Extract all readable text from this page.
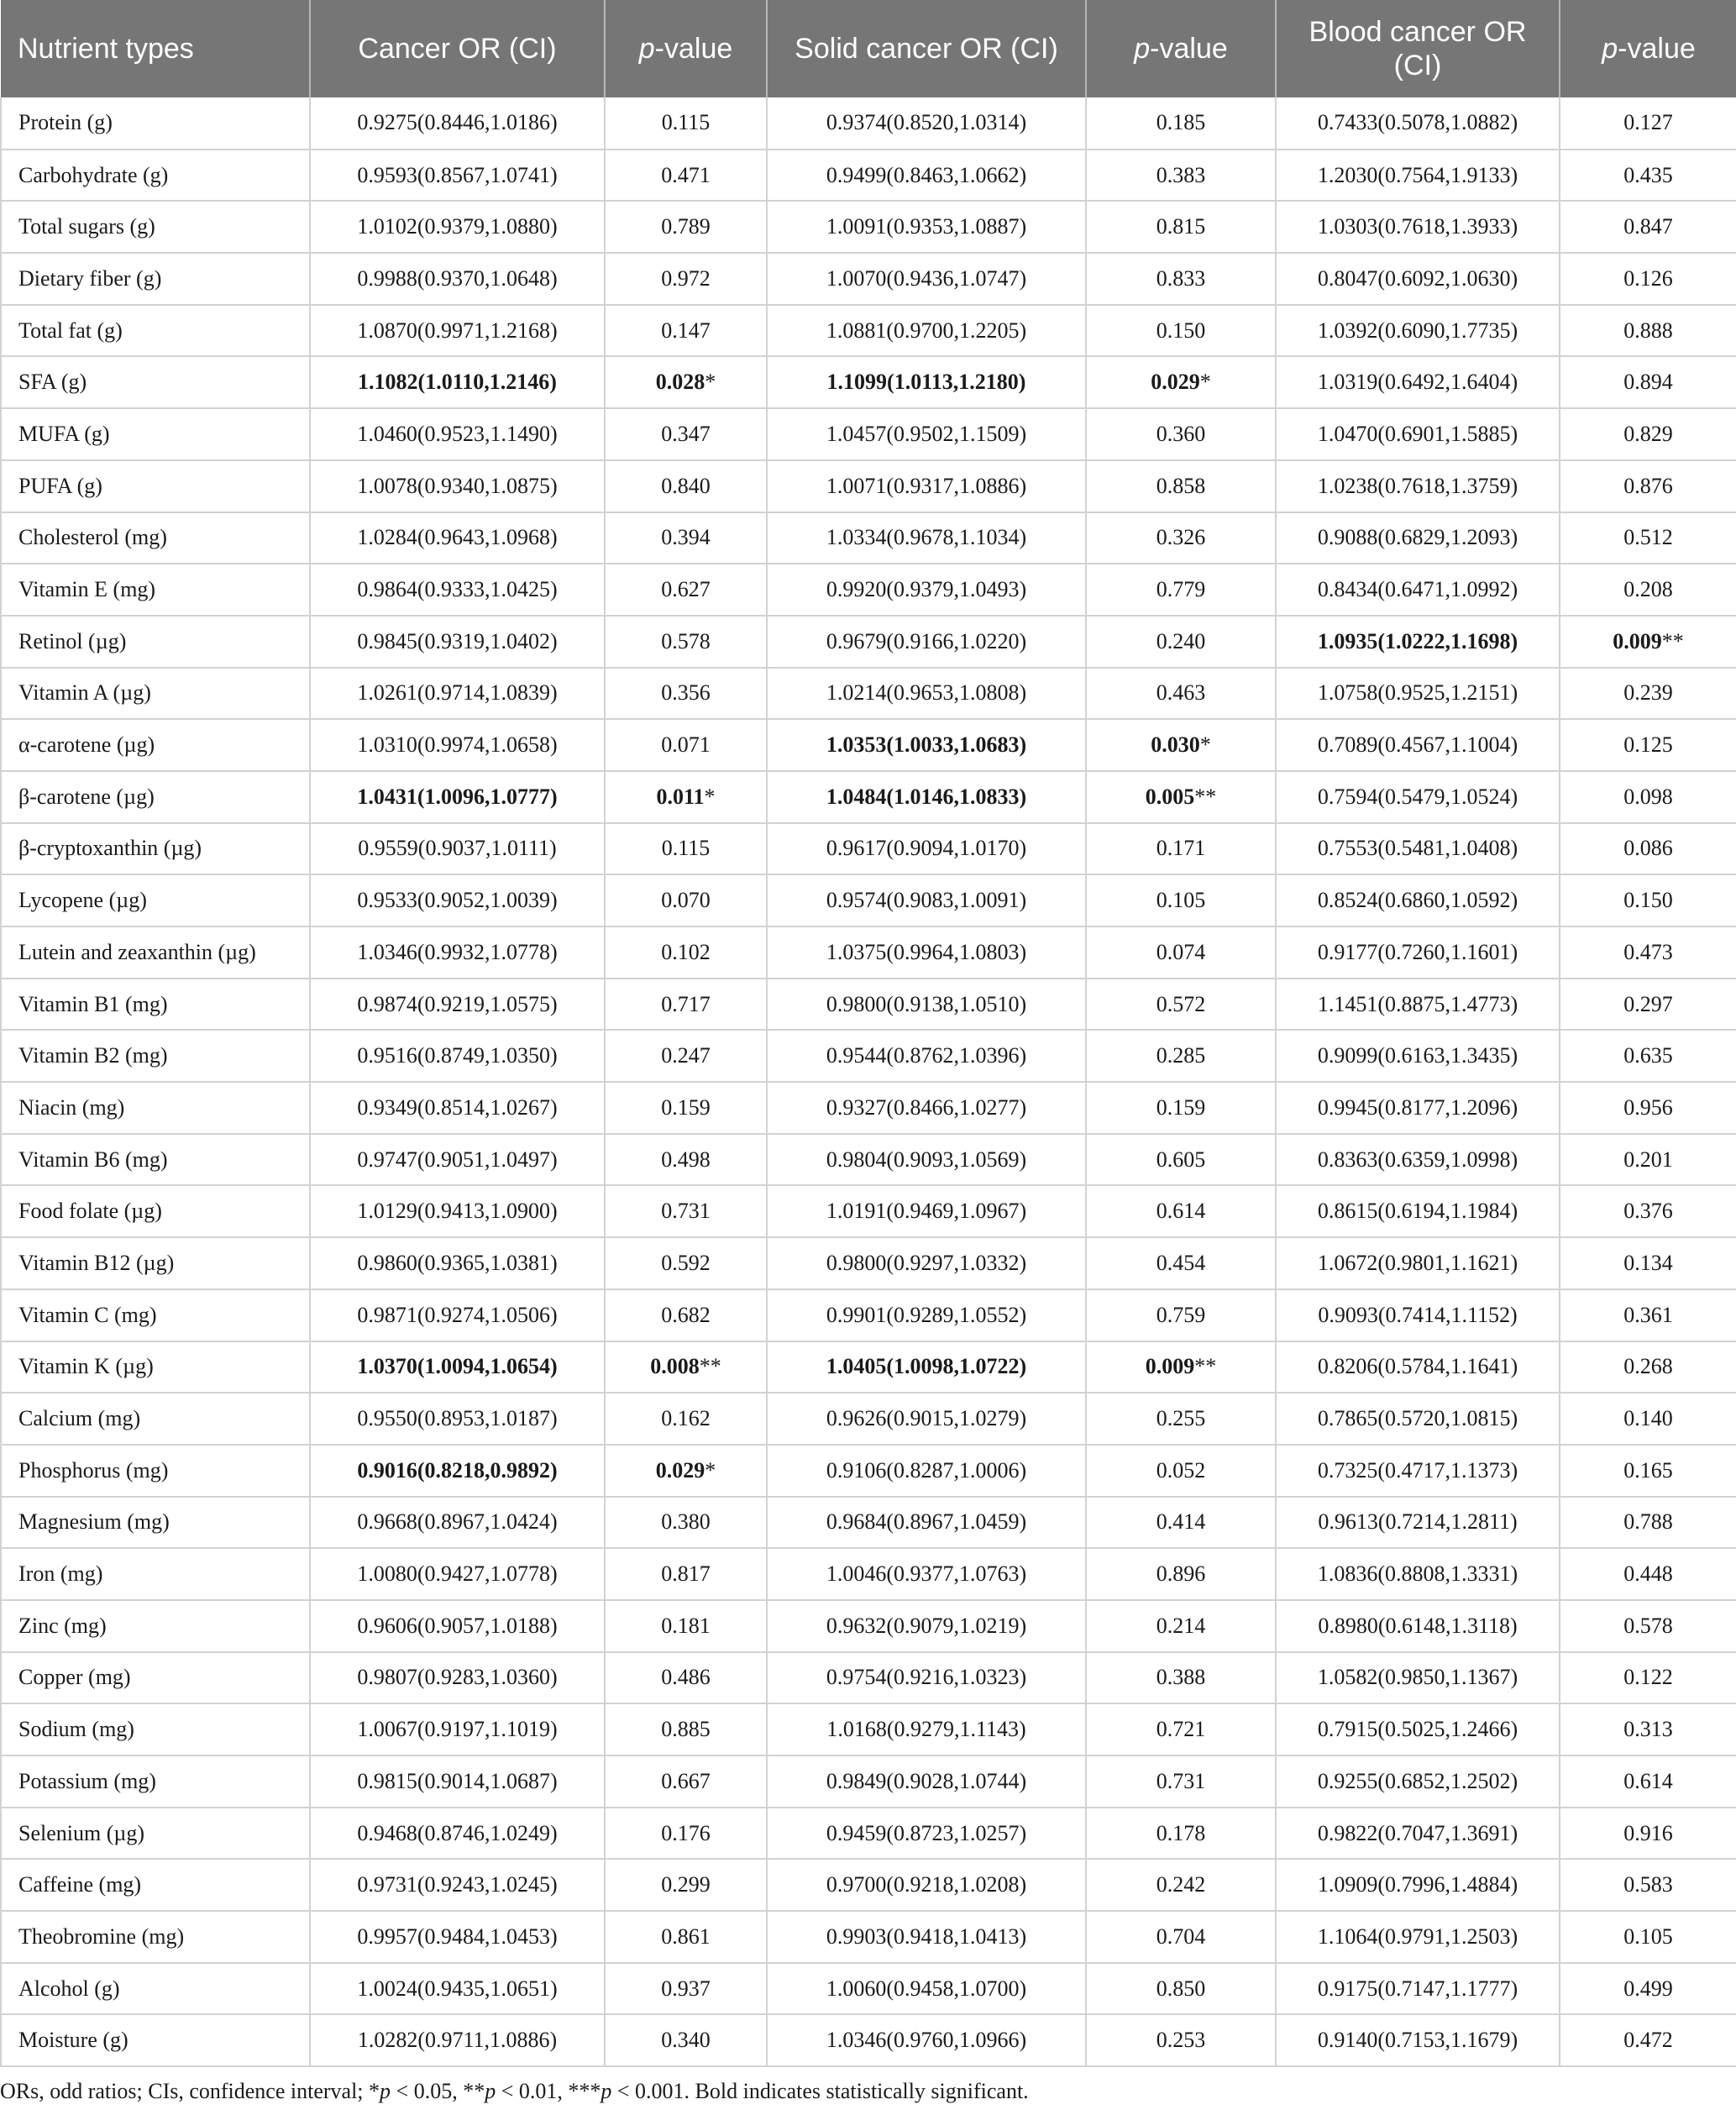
Nutrient types	Cancer OR (CI)	p-value	Solid cancer OR (CI)	p-value	Blood cancer OR (CI)	p-value
Protein (g)	0.9275(0.8446,1.0186)	0.115	0.9374(0.8520,1.0314)	0.185	0.7433(0.5078,1.0882)	0.127
Carbohydrate (g)	0.9593(0.8567,1.0741)	0.471	0.9499(0.8463,1.0662)	0.383	1.2030(0.7564,1.9133)	0.435
Total sugars (g)	1.0102(0.9379,1.0880)	0.789	1.0091(0.9353,1.0887)	0.815	1.0303(0.7618,1.3933)	0.847
Dietary fiber (g)	0.9988(0.9370,1.0648)	0.972	1.0070(0.9436,1.0747)	0.833	0.8047(0.6092,1.0630)	0.126
Total fat (g)	1.0870(0.9971,1.2168)	0.147	1.0881(0.9700,1.2205)	0.150	1.0392(0.6090,1.7735)	0.888
SFA (g)	1.1082(1.0110,1.2146)	0.028*	1.1099(1.0113,1.2180)	0.029*	1.0319(0.6492,1.6404)	0.894
MUFA (g)	1.0460(0.9523,1.1490)	0.347	1.0457(0.9502,1.1509)	0.360	1.0470(0.6901,1.5885)	0.829
PUFA (g)	1.0078(0.9340,1.0875)	0.840	1.0071(0.9317,1.0886)	0.858	1.0238(0.7618,1.3759)	0.876
Cholesterol (mg)	1.0284(0.9643,1.0968)	0.394	1.0334(0.9678,1.1034)	0.326	0.9088(0.6829,1.2093)	0.512
Vitamin E (mg)	0.9864(0.9333,1.0425)	0.627	0.9920(0.9379,1.0493)	0.779	0.8434(0.6471,1.0992)	0.208
Retinol (µg)	0.9845(0.9319,1.0402)	0.578	0.9679(0.9166,1.0220)	0.240	1.0935(1.0222,1.1698)	0.009**
Vitamin A (µg)	1.0261(0.9714,1.0839)	0.356	1.0214(0.9653,1.0808)	0.463	1.0758(0.9525,1.2151)	0.239
α-carotene (µg)	1.0310(0.9974,1.0658)	0.071	1.0353(1.0033,1.0683)	0.030*	0.7089(0.4567,1.1004)	0.125
β-carotene (µg)	1.0431(1.0096,1.0777)	0.011*	1.0484(1.0146,1.0833)	0.005**	0.7594(0.5479,1.0524)	0.098
β-cryptoxanthin (µg)	0.9559(0.9037,1.0111)	0.115	0.9617(0.9094,1.0170)	0.171	0.7553(0.5481,1.0408)	0.086
Lycopene (µg)	0.9533(0.9052,1.0039)	0.070	0.9574(0.9083,1.0091)	0.105	0.8524(0.6860,1.0592)	0.150
Lutein and zeaxanthin (µg)	1.0346(0.9932,1.0778)	0.102	1.0375(0.9964,1.0803)	0.074	0.9177(0.7260,1.1601)	0.473
Vitamin B1 (mg)	0.9874(0.9219,1.0575)	0.717	0.9800(0.9138,1.0510)	0.572	1.1451(0.8875,1.4773)	0.297
Vitamin B2 (mg)	0.9516(0.8749,1.0350)	0.247	0.9544(0.8762,1.0396)	0.285	0.9099(0.6163,1.3435)	0.635
Niacin (mg)	0.9349(0.8514,1.0267)	0.159	0.9327(0.8466,1.0277)	0.159	0.9945(0.8177,1.2096)	0.956
Vitamin B6 (mg)	0.9747(0.9051,1.0497)	0.498	0.9804(0.9093,1.0569)	0.605	0.8363(0.6359,1.0998)	0.201
Food folate (µg)	1.0129(0.9413,1.0900)	0.731	1.0191(0.9469,1.0967)	0.614	0.8615(0.6194,1.1984)	0.376
Vitamin B12 (µg)	0.9860(0.9365,1.0381)	0.592	0.9800(0.9297,1.0332)	0.454	1.0672(0.9801,1.1621)	0.134
Vitamin C (mg)	0.9871(0.9274,1.0506)	0.682	0.9901(0.9289,1.0552)	0.759	0.9093(0.7414,1.1152)	0.361
Vitamin K (µg)	1.0370(1.0094,1.0654)	0.008**	1.0405(1.0098,1.0722)	0.009**	0.8206(0.5784,1.1641)	0.268
Calcium (mg)	0.9550(0.8953,1.0187)	0.162	0.9626(0.9015,1.0279)	0.255	0.7865(0.5720,1.0815)	0.140
Phosphorus (mg)	0.9016(0.8218,0.9892)	0.029*	0.9106(0.8287,1.0006)	0.052	0.7325(0.4717,1.1373)	0.165
Magnesium (mg)	0.9668(0.8967,1.0424)	0.380	0.9684(0.8967,1.0459)	0.414	0.9613(0.7214,1.2811)	0.788
Iron (mg)	1.0080(0.9427,1.0778)	0.817	1.0046(0.9377,1.0763)	0.896	1.0836(0.8808,1.3331)	0.448
Zinc (mg)	0.9606(0.9057,1.0188)	0.181	0.9632(0.9079,1.0219)	0.214	0.8980(0.6148,1.3118)	0.578
Copper (mg)	0.9807(0.9283,1.0360)	0.486	0.9754(0.9216,1.0323)	0.388	1.0582(0.9850,1.1367)	0.122
Sodium (mg)	1.0067(0.9197,1.1019)	0.885	1.0168(0.9279,1.1143)	0.721	0.7915(0.5025,1.2466)	0.313
Potassium (mg)	0.9815(0.9014,1.0687)	0.667	0.9849(0.9028,1.0744)	0.731	0.9255(0.6852,1.2502)	0.614
Selenium (µg)	0.9468(0.8746,1.0249)	0.176	0.9459(0.8723,1.0257)	0.178	0.9822(0.7047,1.3691)	0.916
Caffeine (mg)	0.9731(0.9243,1.0245)	0.299	0.9700(0.9218,1.0208)	0.242	1.0909(0.7996,1.4884)	0.583
Theobromine (mg)	0.9957(0.9484,1.0453)	0.861	0.9903(0.9418,1.0413)	0.704	1.1064(0.9791,1.2503)	0.105
Alcohol (g)	1.0024(0.9435,1.0651)	0.937	1.0060(0.9458,1.0700)	0.850	0.9175(0.7147,1.1777)	0.499
Moisture (g)	1.0282(0.9711,1.0886)	0.340	1.0346(0.9760,1.0966)	0.253	0.9140(0.7153,1.1679)	0.472
ORs, odd ratios; CIs, confidence interval; *p < 0.05, **p < 0.01, ***p < 0.001. Bold indicates statistically significant.
